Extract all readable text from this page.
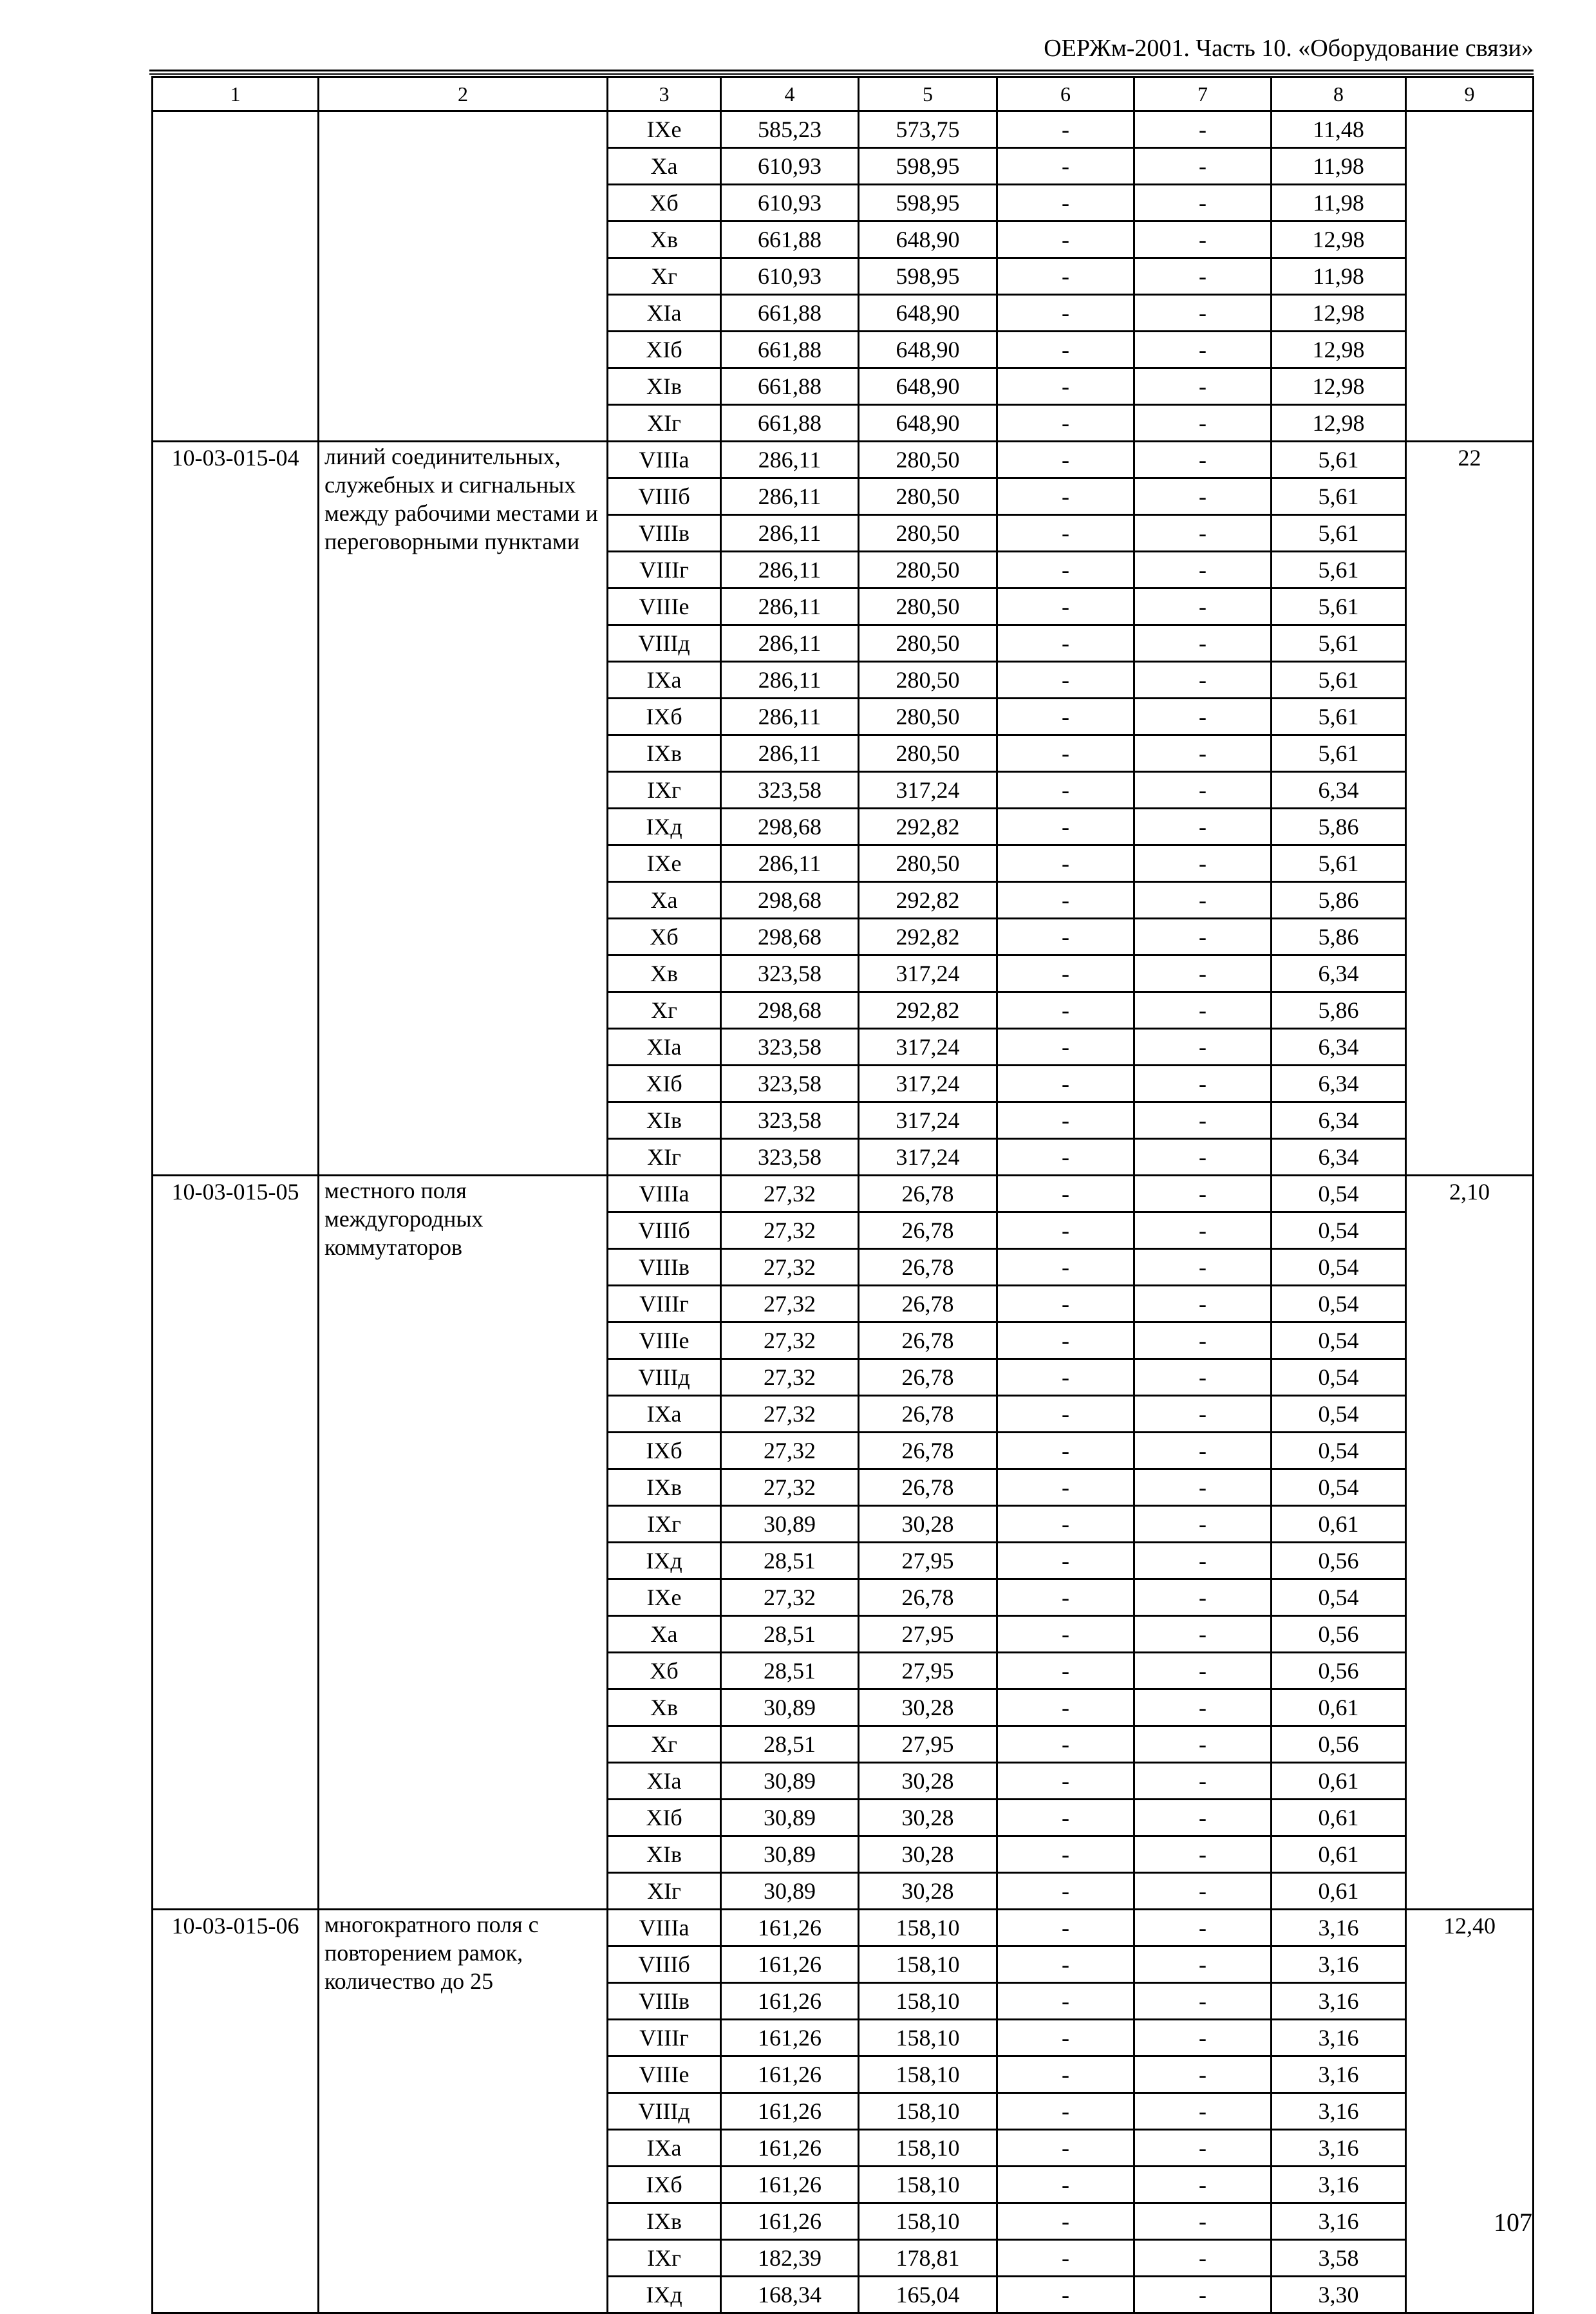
ОЕРЖм-2001. Часть 10. «Оборудование связи»
1	2	3	4	5	6	7	8	9
		IXe	585,23	573,75	-	-	11,48	
		Xa	610,93	598,95	-	-	11,98	
		Xб	610,93	598,95	-	-	11,98	
		Xв	661,88	648,90	-	-	12,98	
		Xг	610,93	598,95	-	-	11,98	
		XIa	661,88	648,90	-	-	12,98	
		XIб	661,88	648,90	-	-	12,98	
		XIв	661,88	648,90	-	-	12,98	
		XIг	661,88	648,90	-	-	12,98	
10-03-015-04	линий соединительных, служебных и сигнальных между рабочими местами и переговорными пунктами	VIIIa	286,11	280,50	-	-	5,61	22
		VIIIб	286,11	280,50	-	-	5,61	
		VIIIв	286,11	280,50	-	-	5,61	
		VIIIг	286,11	280,50	-	-	5,61	
		VIIIe	286,11	280,50	-	-	5,61	
		VIIIд	286,11	280,50	-	-	5,61	
		IXa	286,11	280,50	-	-	5,61	
		IXб	286,11	280,50	-	-	5,61	
		IXв	286,11	280,50	-	-	5,61	
		IXг	323,58	317,24	-	-	6,34	
		IXд	298,68	292,82	-	-	5,86	
		IXe	286,11	280,50	-	-	5,61	
		Xa	298,68	292,82	-	-	5,86	
		Xб	298,68	292,82	-	-	5,86	
		Xв	323,58	317,24	-	-	6,34	
		Xг	298,68	292,82	-	-	5,86	
		XIa	323,58	317,24	-	-	6,34	
		XIб	323,58	317,24	-	-	6,34	
		XIв	323,58	317,24	-	-	6,34	
		XIг	323,58	317,24	-	-	6,34	
10-03-015-05	местного поля междугородных коммутаторов	VIIIa	27,32	26,78	-	-	0,54	2,10
		VIIIб	27,32	26,78	-	-	0,54	
		VIIIв	27,32	26,78	-	-	0,54	
		VIIIг	27,32	26,78	-	-	0,54	
		VIIIe	27,32	26,78	-	-	0,54	
		VIIIд	27,32	26,78	-	-	0,54	
		IXa	27,32	26,78	-	-	0,54	
		IXб	27,32	26,78	-	-	0,54	
		IXв	27,32	26,78	-	-	0,54	
		IXг	30,89	30,28	-	-	0,61	
		IXд	28,51	27,95	-	-	0,56	
		IXe	27,32	26,78	-	-	0,54	
		Xa	28,51	27,95	-	-	0,56	
		Xб	28,51	27,95	-	-	0,56	
		Xв	30,89	30,28	-	-	0,61	
		Xг	28,51	27,95	-	-	0,56	
		XIa	30,89	30,28	-	-	0,61	
		XIб	30,89	30,28	-	-	0,61	
		XIв	30,89	30,28	-	-	0,61	
		XIг	30,89	30,28	-	-	0,61	
10-03-015-06	многократного поля с повторением рамок, количество до 25	VIIIa	161,26	158,10	-	-	3,16	12,40
		VIIIб	161,26	158,10	-	-	3,16	
		VIIIв	161,26	158,10	-	-	3,16	
		VIIIг	161,26	158,10	-	-	3,16	
		VIIIe	161,26	158,10	-	-	3,16	
		VIIIд	161,26	158,10	-	-	3,16	
		IXa	161,26	158,10	-	-	3,16	
		IXб	161,26	158,10	-	-	3,16	
		IXв	161,26	158,10	-	-	3,16	
		IXг	182,39	178,81	-	-	3,58	
		IXд	168,34	165,04	-	-	3,30	
107
